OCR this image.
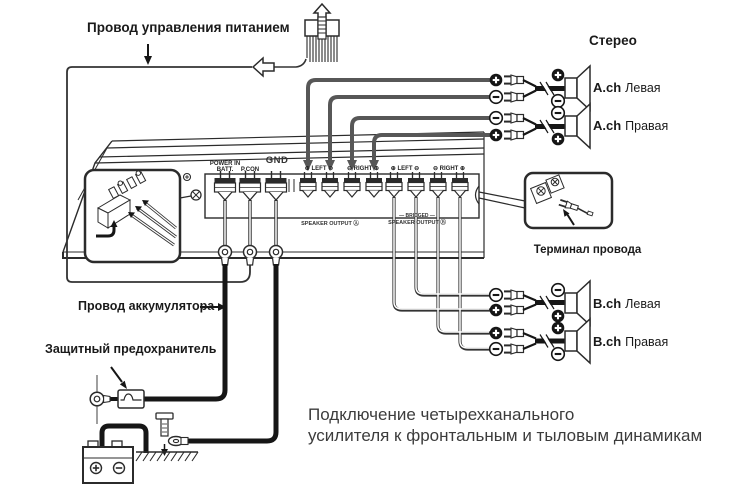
Провод управления питанием
Стерео
Провод аккумулятора
Защитный предохранитель
Терминал провода
Подключение четырехканального
усилителя к фронтальным и тыловым динамикам
POWER IN
BATT.	P.CON
GND
⊕ LEFT ⊖ ⊖ RIGHT ⊕ ⊕ LEFT ⊖ ⊖ RIGHT ⊕
SPEAKER OUTPUT Ⓐ
— BRIDGED —
SPEAKER OUTPUT Ⓑ
A.ch Левая
A.ch Правая
B.ch Левая
B.ch Правая
